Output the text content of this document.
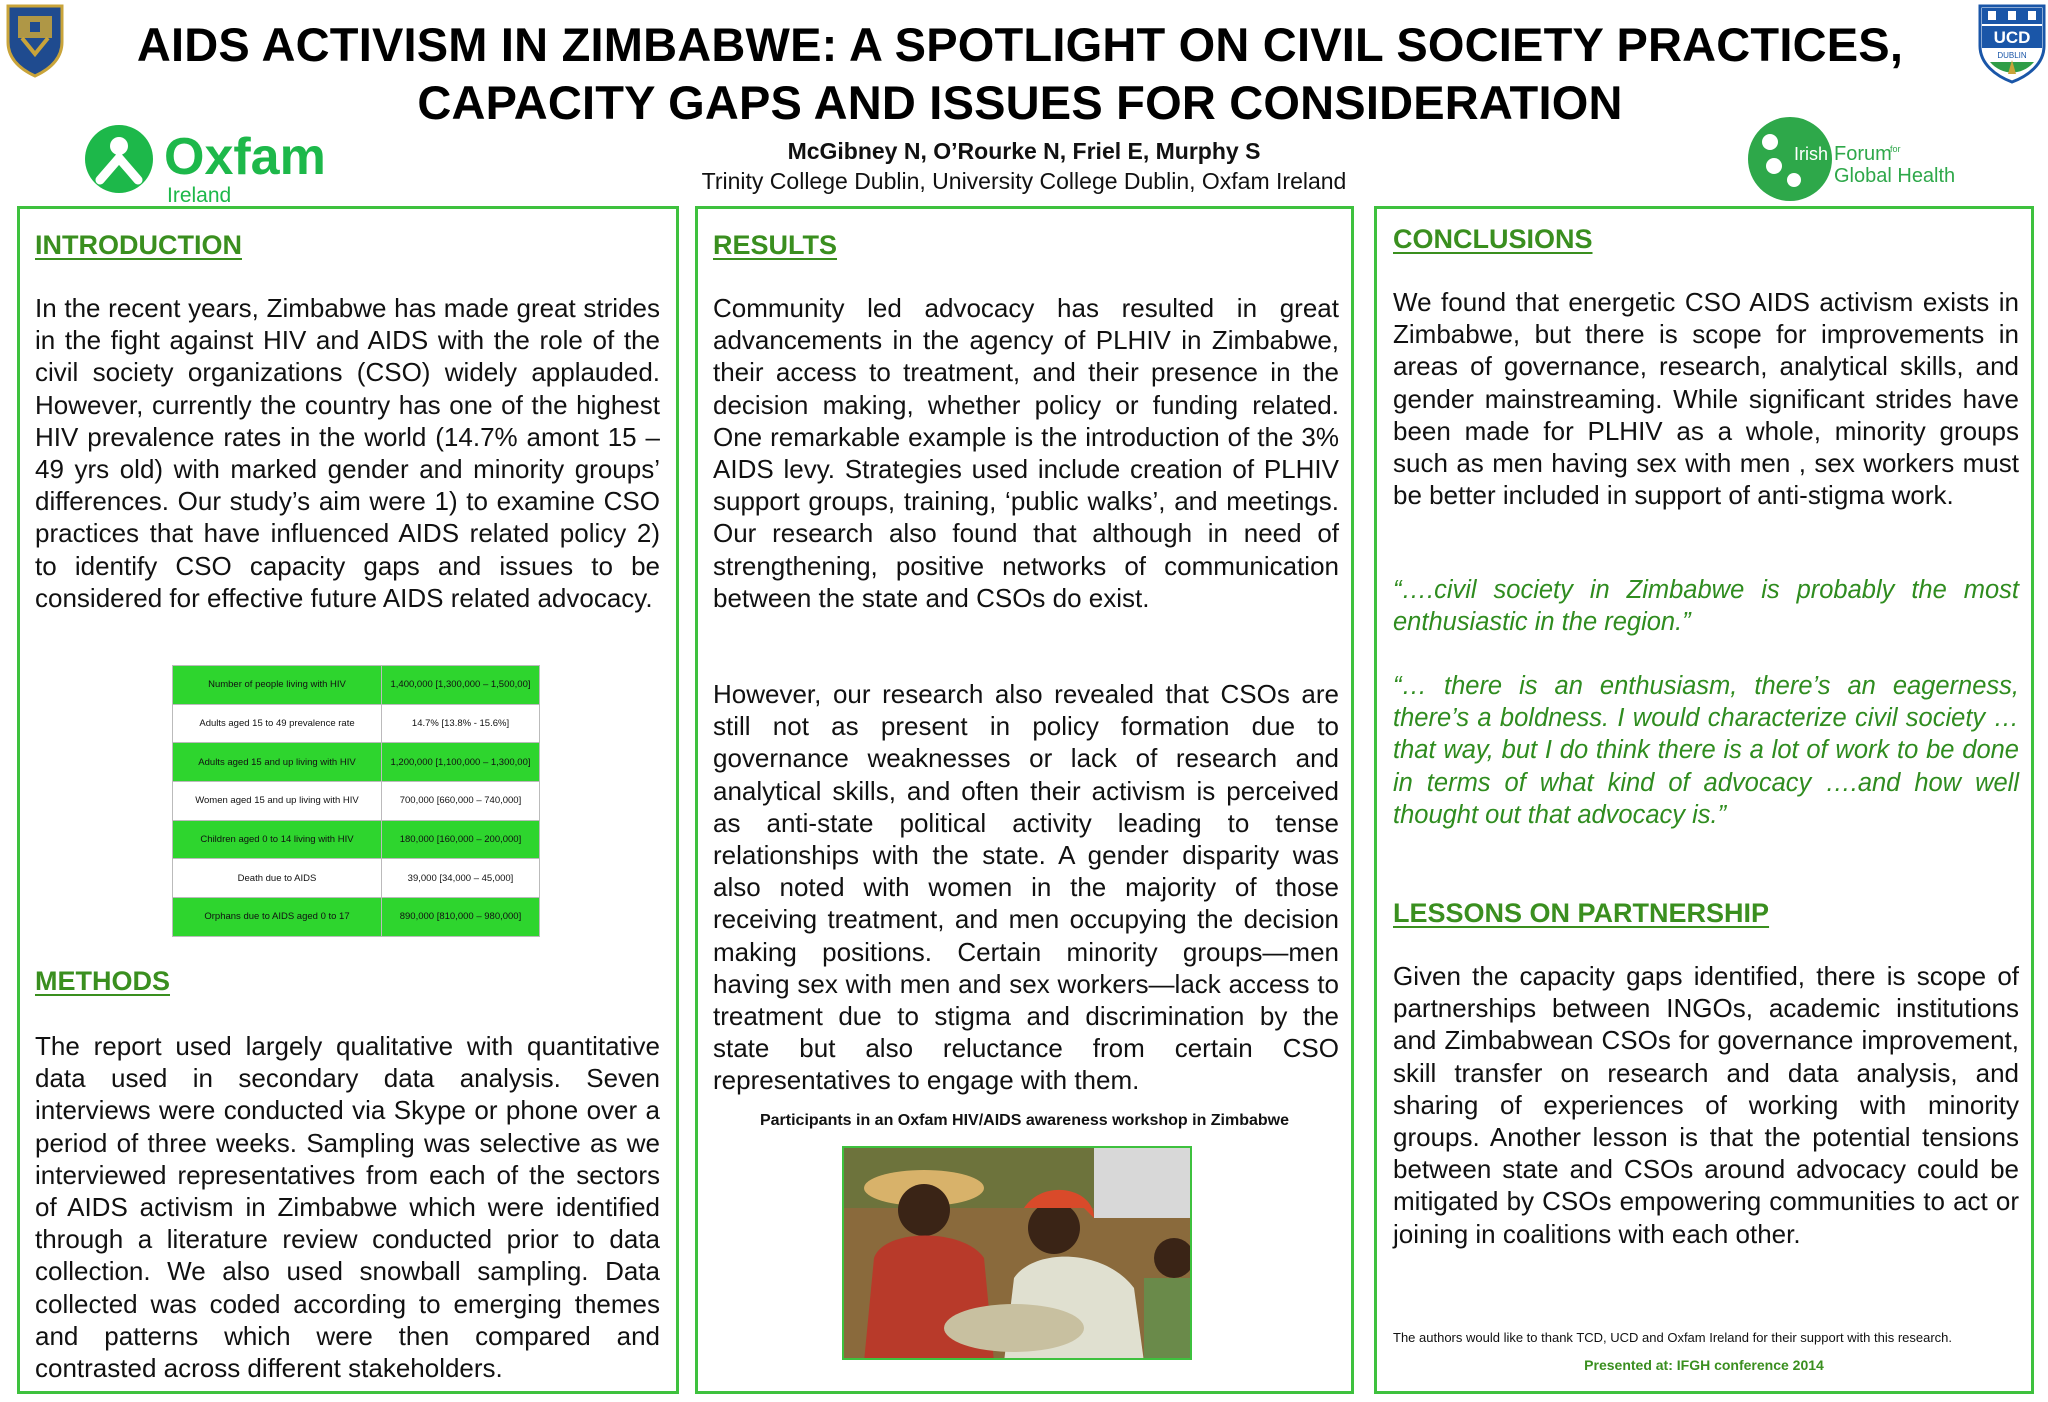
UCD
DUBLIN
Oxfam
Ireland
Irish Forum
for
Global Health
AIDS ACTIVISM IN ZIMBABWE: A SPOTLIGHT ON CIVIL SOCIETY PRACTICES,
CAPACITY GAPS AND ISSUES FOR CONSIDERATION
McGibney N, O’Rourke N, Friel E, Murphy S
Trinity College Dublin, University College Dublin, Oxfam Ireland
INTRODUCTION
In the recent years, Zimbabwe has made great strides in the fight against HIV and AIDS with the role of the civil society organizations (CSO) widely applauded. However, currently the country has one of the highest HIV prevalence rates in the world (14.7% amont 15 – 49 yrs old) with marked gender and minority groups’ differences. Our study’s aim were 1) to examine CSO practices that have influenced AIDS related policy 2) to identify CSO capacity gaps and issues to be considered for effective future AIDS related advocacy.
Number of people living with HIV	1,400,000 [1,300,000 – 1,500,00]
Adults aged 15 to 49 prevalence rate	14.7% [13.8% - 15.6%]
Adults aged 15 and up living with HIV	1,200,000 [1,100,000 – 1,300,00]
Women aged 15 and up living with HIV	700,000 [660,000 – 740,000]
Children aged 0 to 14 living with HIV	180,000 [160,000 – 200,000]
Death due to AIDS	39,000 [34,000 – 45,000]
Orphans due to AIDS aged 0 to 17	890,000 [810,000 – 980,000]
METHODS
The report used largely qualitative with quantitative data used in secondary data analysis. Seven interviews were conducted via Skype or phone over a period of three weeks. Sampling was selective as we interviewed representatives from each of the sectors of AIDS activism in Zimbabwe which were identified through a literature review conducted prior to data collection. We also used snowball sampling. Data collected was coded according to emerging themes and patterns which were then compared and contrasted across different stakeholders.
RESULTS
Community led advocacy has resulted in great advancements in the agency of PLHIV in Zimbabwe, their access to treatment, and their presence in the decision making, whether policy or funding related. One remarkable example is the introduction of the 3% AIDS levy. Strategies used include creation of PLHIV support groups, training, ‘public walks’, and meetings. Our research also found that although in need of strengthening, positive networks of communication between the state and CSOs do exist.
However, our research also revealed that CSOs are still not as present in policy formation due to governance weaknesses or lack of research and analytical skills, and often their activism is perceived as anti-state political activity leading to tense relationships with the state. A gender disparity was also noted with women in the majority of those receiving treatment, and men occupying the decision making positions. Certain minority groups—men having sex with men and sex workers—lack access to treatment due to stigma and discrimination by the state but also reluctance from certain CSO representatives to engage with them.
Participants in an Oxfam HIV/AIDS awareness workshop in Zimbabwe
CONCLUSIONS
We found that energetic CSO AIDS activism exists in Zimbabwe, but there is scope for improvements in areas of governance, research, analytical skills, and gender mainstreaming. While significant strides have been made for PLHIV as a whole, minority groups such as men having sex with men , sex workers must be better included in support of anti-stigma work.
“….civil society in Zimbabwe is probably the most enthusiastic in the region.”
“… there is an enthusiasm, there’s an eagerness, there’s a boldness. I would characterize civil society … that way, but I do think there is a lot of work to be done in terms of what kind of advocacy ….and how well thought out that advocacy is.”
LESSONS ON PARTNERSHIP
Given the capacity gaps identified, there is scope of partnerships between INGOs, academic institutions and Zimbabwean CSOs for governance improvement, skill transfer on research and data analysis, and sharing of experiences of working with minority groups. Another lesson is that the potential tensions between state and CSOs around advocacy could be mitigated by CSOs empowering communities to act or joining in coalitions with each other.
The authors would like to thank TCD, UCD and Oxfam Ireland for their support with this research.
Presented at: IFGH conference 2014
